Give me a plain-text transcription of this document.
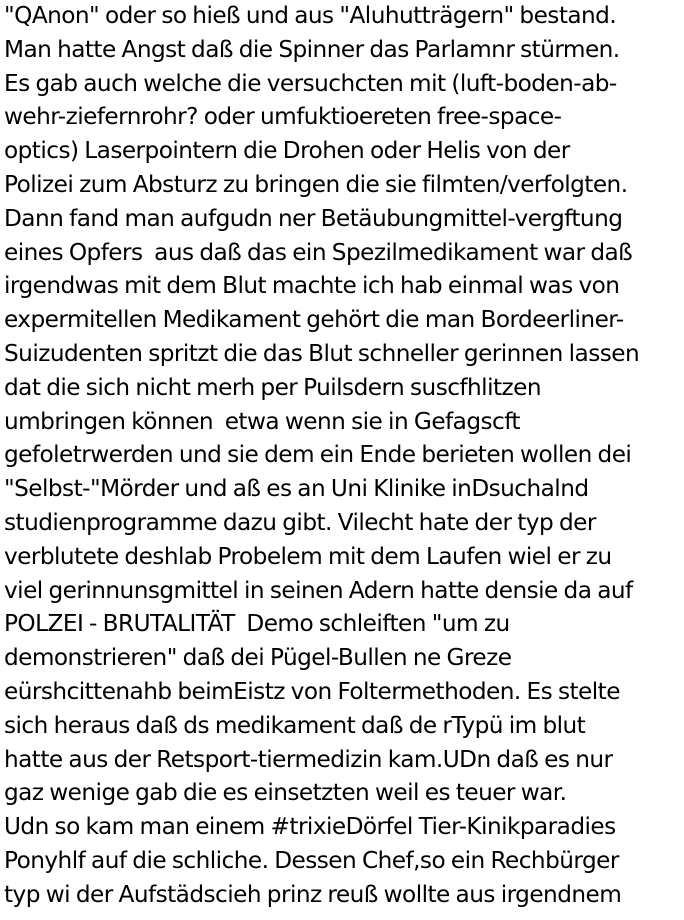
"QAnon" oder so hieß und aus "Aluhutträgern" bestand.
Man hatte Angst daß die Spinner das Parlamnr stürmen.
Es gab auch welche die versuchcten mit (luft-boden-ab-
wehr-ziefernrohr? oder umfuktioereten free-space-
optics) Laserpointern die Drohen oder Helis von der
Polizei zum Absturz zu bringen die sie filmten/verfolgten.
Dann fand man aufgudn ner Betäubungmittel-vergftung
eines Opfers  aus daß das ein Spezilmedikament war daß
irgendwas mit dem Blut machte ich hab einmal was von
expermitellen Medikament gehört die man Bordeerliner-
Suizudenten spritzt die das Blut schneller gerinnen lassen
dat die sich nicht merh per Puilsdern suscfhlitzen
umbringen können  etwa wenn sie in Gefagscft
gefoletrwerden und sie dem ein Ende berieten wollen dei
"Selbst-"Mörder und aß es an Uni Klinike inDsuchalnd
studienprogramme dazu gibt. Vilecht hate der typ der
verblutete deshlab Probelem mit dem Laufen wiel er zu
viel gerinnunsgmittel in seinen Adern hatte densie da auf
POLZEI - BRUTALITÄT  Demo schleiften "um zu
demonstrieren" daß dei Pügel-Bullen ne Greze
eürshcittenahb beimEistz von Foltermethoden. Es stelte
sich heraus daß ds medikament daß de rTypü im blut
hatte aus der Retsport-tiermedizin kam.UDn daß es nur
gaz wenige gab die es einsetzten weil es teuer war.
Udn so kam man einem #trixieDörfel Tier-Kinikparadies
Ponyhlf auf die schliche. Dessen Chef,so ein Rechbürger
typ wi der Aufstädscieh prinz reuß wollte aus irgendnem
